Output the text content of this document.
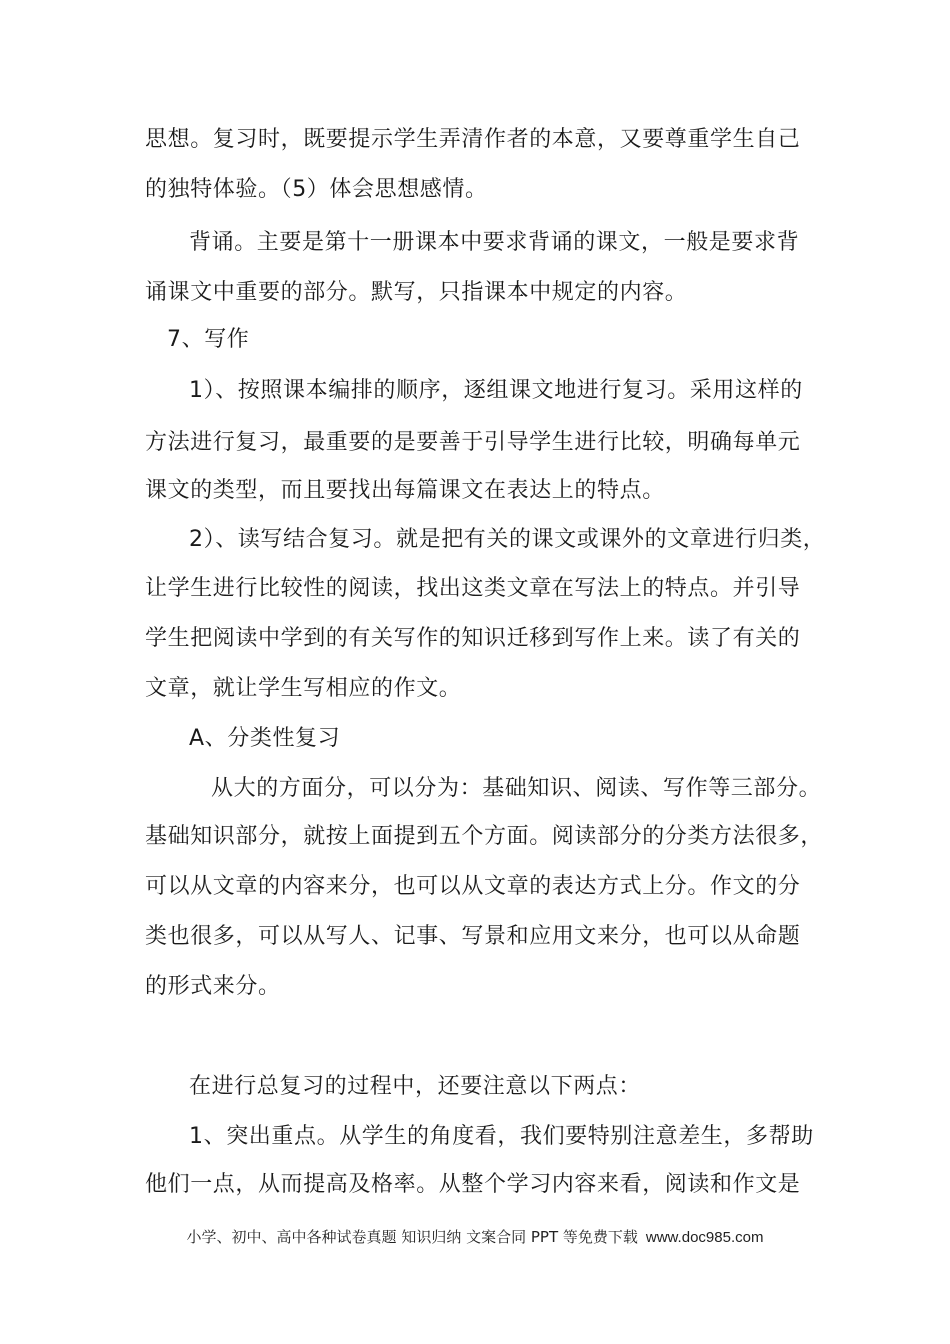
思想。复习时，既要提示学生弄清作者的本意，又要尊重学生自己
的独特体验。（5）体会思想感情。
背诵。主要是第十一册课本中要求背诵的课文，一般是要求背
诵课文中重要的部分。默写，只指课本中规定的内容。
7、写作
1）、按照课本编排的顺序，逐组课文地进行复习。采用这样的
方法进行复习，最重要的是要善于引导学生进行比较，明确每单元
课文的类型，而且要找出每篇课文在表达上的特点。
2）、读写结合复习。就是把有关的课文或课外的文章进行归类，
让学生进行比较性的阅读，找出这类文章在写法上的特点。并引导
学生把阅读中学到的有关写作的知识迁移到写作上来。读了有关的
文章，就让学生写相应的作文。
A、分类性复习
从大的方面分，可以分为：基础知识、阅读、写作等三部分。
基础知识部分，就按上面提到五个方面。阅读部分的分类方法很多，
可以从文章的内容来分，也可以从文章的表达方式上分。作文的分
类也很多，可以从写人、记事、写景和应用文来分，也可以从命题
的形式来分。
在进行总复习的过程中，还要注意以下两点：
1、突出重点。从学生的角度看，我们要特别注意差生，多帮助
他们一点，从而提高及格率。从整个学习内容来看，阅读和作文是
小学、初中、高中各种试卷真题 知识归纳 文案合同 PPT 等免费下载 www.doc985.com
